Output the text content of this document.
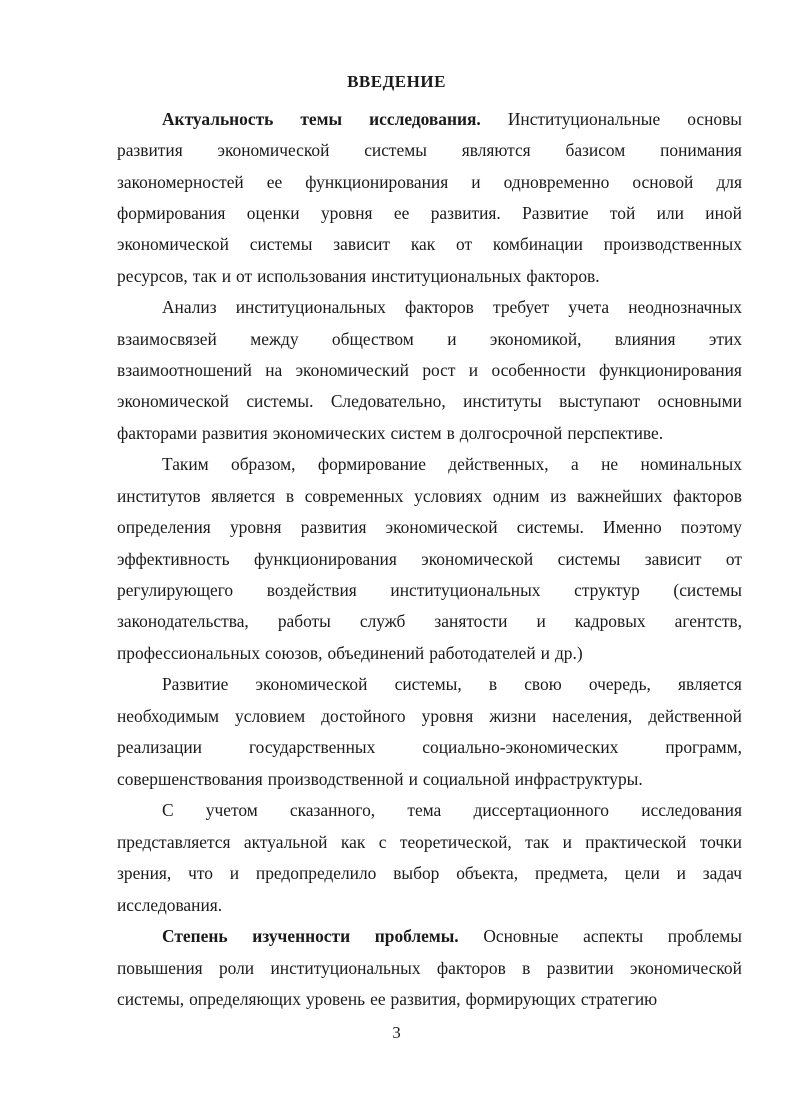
ВВЕДЕНИЕ
Актуальность темы исследования. Институциональные основы
развития экономической системы являются базисом понимания
закономерностей ее функционирования и одновременно основой для
формирования оценки уровня ее развития. Развитие той или иной
экономической системы зависит как от комбинации производственных
ресурсов, так и от использования институциональных факторов.
Анализ институциональных факторов требует учета неоднозначных
взаимосвязей между обществом и экономикой, влияния этих
взаимоотношений на экономический рост и особенности функционирования
экономической системы. Следовательно, институты выступают основными
факторами развития экономических систем в долгосрочной перспективе.
Таким образом, формирование действенных, а не номинальных
институтов является в современных условиях одним из важнейших факторов
определения уровня развития экономической системы. Именно поэтому
эффективность функционирования экономической системы зависит от
регулирующего воздействия институциональных структур (системы
законодательства, работы служб занятости и кадровых агентств,
профессиональных союзов, объединений работодателей и др.)
Развитие экономической системы, в свою очередь, является
необходимым условием достойного уровня жизни населения, действенной
реализации	государственных	социально-экономических	программ,
совершенствования производственной и социальной инфраструктуры.
С учетом сказанного, тема диссертационного исследования
представляется актуальной как с теоретической, так и практической точки
зрения, что и предопределило выбор объекта, предмета, цели и задач
исследования.
Степень изученности проблемы. Основные аспекты проблемы
повышения роли институциональных факторов в развитии экономической
системы, определяющих уровень ее развития, формирующих стратегию
3
